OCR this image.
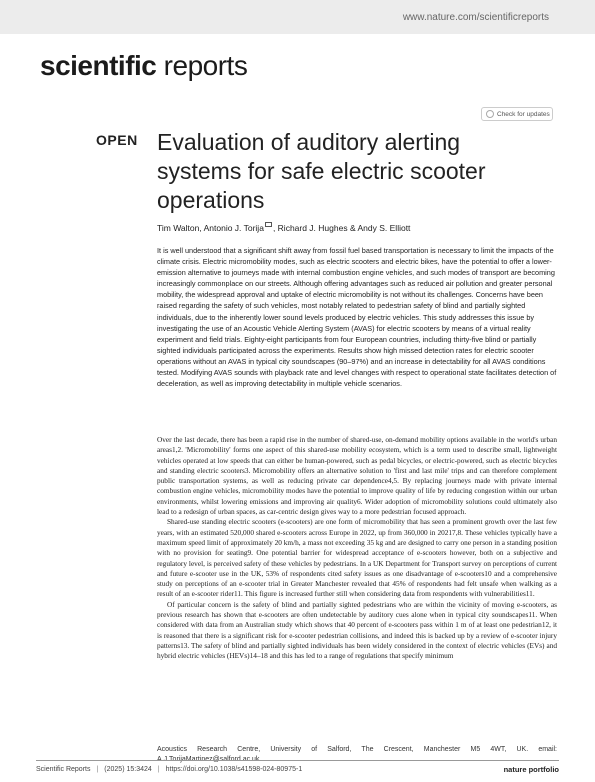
www.nature.com/scientificreports
scientific reports
Check for updates
OPEN Evaluation of auditory alerting systems for safe electric scooter operations
Tim Walton, Antonio J. Torija , Richard J. Hughes & Andy S. Elliott
It is well understood that a significant shift away from fossil fuel based transportation is necessary to limit the impacts of the climate crisis. Electric micromobility modes, such as electric scooters and electric bikes, have the potential to offer a lower-emission alternative to journeys made with internal combustion engine vehicles, and such modes of transport are becoming increasingly commonplace on our streets. Although offering advantages such as reduced air pollution and greater personal mobility, the widespread approval and uptake of electric micromobility is not without its challenges. Concerns have been raised regarding the safety of such vehicles, most notably related to pedestrian safety of blind and partially sighted individuals, due to the inherently lower sound levels produced by electric vehicles. This study addresses this issue by investigating the use of an Acoustic Vehicle Alerting System (AVAS) for electric scooters by means of a virtual reality experiment and field trials. Eighty-eight participants from four European countries, including thirty-five blind or partially sighted individuals participated across the experiments. Results show high missed detection rates for electric scooter operations without an AVAS in typical city soundscapes (90–97%) and an increase in detectability for all AVAS conditions tested. Modifying AVAS sounds with playback rate and level changes with respect to operational state facilitates detection of deceleration, as well as improving detectability in multiple vehicle scenarios.

Over the last decade, there has been a rapid rise in the number of shared-use, on-demand mobility options available in the world's urban areas1,2. 'Micromobility' forms one aspect of this shared-use mobility ecosystem, which is a term used to describe small, lightweight vehicles operated at low speeds that can either be human-powered, such as pedal bicycles, or electric-powered, such as electric bicycles and standing electric scooters3. Micromobility offers an alternative solution to 'first and last mile' trips and can therefore complement public transportation systems, as well as reducing private car dependence4,5. By replacing journeys made with private internal combustion engine vehicles, micromobility modes have the potential to improve quality of life by reducing congestion within our urban environments, whilst lowering emissions and improving air quality6. Wider adoption of micromobility solutions could ultimately also lead to a redesign of urban spaces, as car-centric design gives way to a more pedestrian focused approach.

Shared-use standing electric scooters (e-scooters) are one form of micromobility that has seen a prominent growth over the last few years, with an estimated 520,000 shared e-scooters across Europe in 2022, up from 360,000 in 20217,8. These vehicles typically have a maximum speed limit of approximately 20 km/h, a mass not exceeding 35 kg and are designed to carry one person in a standing position with no provision for seating9. One potential barrier for widespread acceptance of e-scooters however, both on a subjective and regulatory level, is perceived safety of these vehicles by pedestrians. In a UK Department for Transport survey on perceptions of current and future e-scooter use in the UK, 53% of respondents cited safety issues as one disadvantage of e-scooters10 and a comprehensive study on perceptions of an e-scooter trial in Greater Manchester revealed that 45% of respondents had felt unsafe when walking as a result of an e-scooter rider11. This figure is increased further still when considering data from respondents with vulnerabilities11.

Of particular concern is the safety of blind and partially sighted pedestrians who are within the vicinity of moving e-scooters, as previous research has shown that e-scooters are often undetectable by auditory cues alone when in typical city soundscapes11. When considered with data from an Australian study which shows that 40 percent of e-scooters pass within 1 m of at least one pedestrian12, it is reasoned that there is a significant risk for e-scooter pedestrian collisions, and indeed this is backed up by a review of e-scooter injury patterns13. The safety of blind and partially sighted individuals has been widely considered in the context of electric vehicles (EVs) and hybrid electric vehicles (HEVs)14–18 and this has led to a range of regulations that specify minimum

Acoustics Research Centre, University of Salford, The Crescent, Manchester M5 4WT, UK. email: A.J.TorijaMartinez@salford.ac.uk
Scientific Reports | (2025) 15:3424 | https://doi.org/10.1038/s41598-024-80975-1	nature portfolio
